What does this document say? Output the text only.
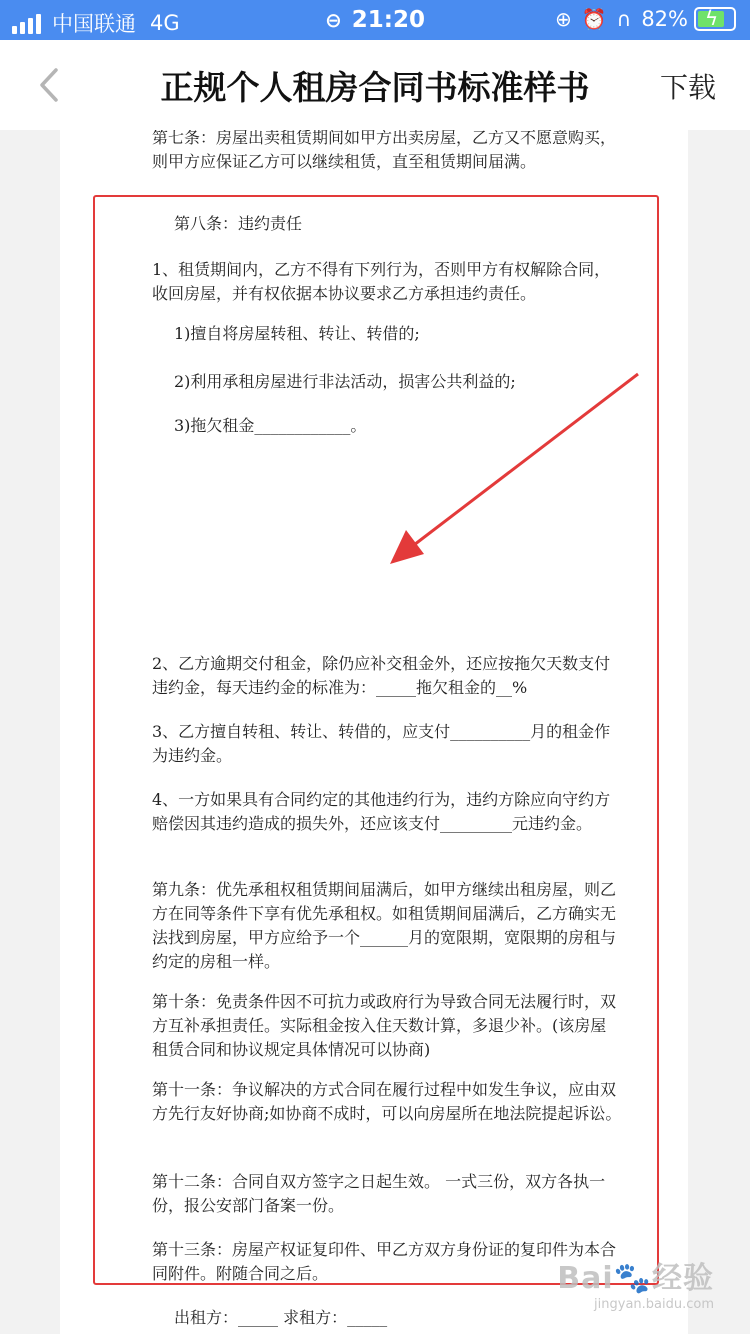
中国联通 4G	⊖ 21:20	⊕ ⏰ ∩ 82% ϟ
正规个人租房合同书标准样书	下载
第七条：房屋出卖租赁期间如甲方出卖房屋，乙方又不愿意购买，则甲方应保证乙方可以继续租赁，直至租赁期间届满。
第八条：违约责任
1、租赁期间内，乙方不得有下列行为，否则甲方有权解除合同，收回房屋，并有权依据本协议要求乙方承担违约责任。
1)擅自将房屋转租、转让、转借的;
2)利用承租房屋进行非法活动，损害公共利益的;
3)拖欠租金____________。
2、乙方逾期交付租金，除仍应补交租金外，还应按拖欠天数支付违约金，每天违约金的标准为：_____拖欠租金的__%
3、乙方擅自转租、转让、转借的，应支付__________月的租金作为违约金。
4、一方如果具有合同约定的其他违约行为，违约方除应向守约方赔偿因其违约造成的损失外，还应该支付_________元违约金。
第九条：优先承租权租赁期间届满后，如甲方继续出租房屋，则乙方在同等条件下享有优先承租权。如租赁期间届满后，乙方确实无法找到房屋，甲方应给予一个______月的宽限期，宽限期的房租与约定的房租一样。
第十条：免责条件因不可抗力或政府行为导致合同无法履行时，双方互补承担责任。实际租金按入住天数计算，多退少补。(该房屋租赁合同和协议规定具体情况可以协商)
第十一条：争议解决的方式合同在履行过程中如发生争议，应由双方先行友好协商;如协商不成时，可以向房屋所在地法院提起诉讼。
第十二条：合同自双方签字之日起生效。 一式三份，双方各执一份，报公安部门备案一份。
第十三条：房屋产权证复印件、甲乙方双方身份证的复印件为本合同附件。附随合同之后。
出租方：_____ 求租方：_____
Bai🐾经验
jingyan.baidu.com
